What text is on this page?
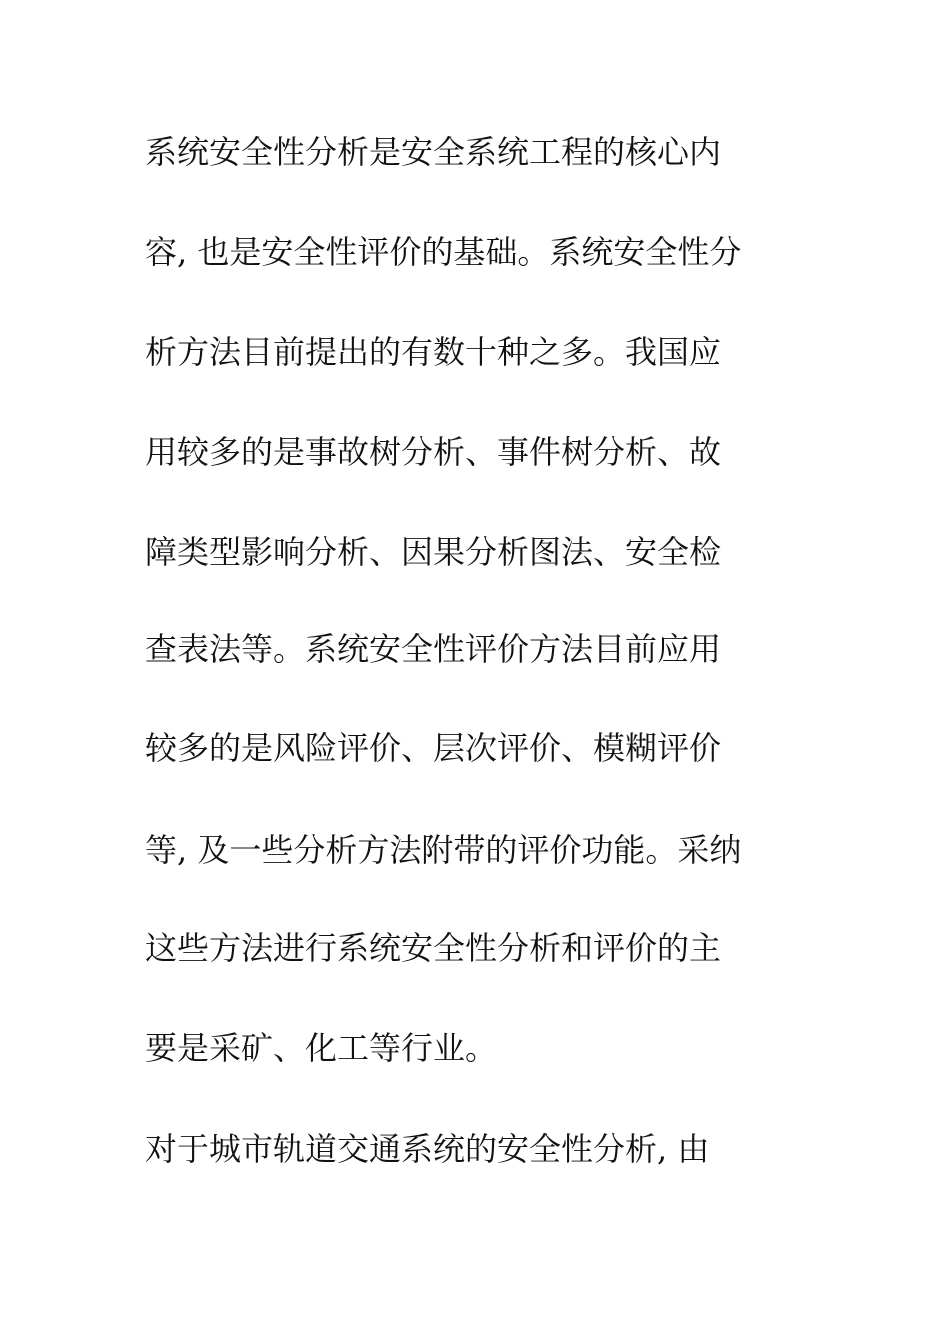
系统安全性分析是安全系统工程的核心内

容, 也是安全性评价的基础。系统安全性分

析方法目前提出的有数十种之多。我国应

用较多的是事故树分析、事件树分析、故

障类型影响分析、因果分析图法、安全检

查表法等。系统安全性评价方法目前应用

较多的是风险评价、层次评价、模糊评价

等, 及一些分析方法附带的评价功能。采纳

这些方法进行系统安全性分析和评价的主

要是采矿、化工等行业。

对于城市轨道交通系统的安全性分析, 由
